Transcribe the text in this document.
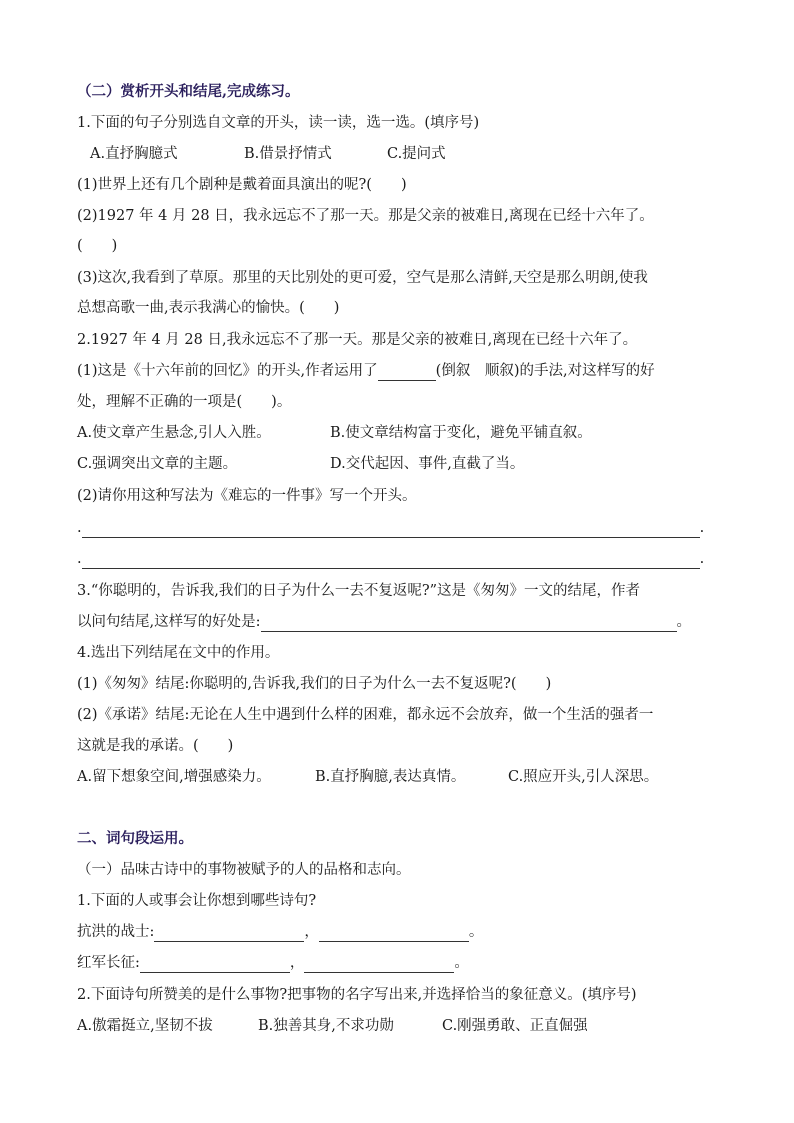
（二）赏析开头和结尾,完成练习。
1.下面的句子分别选自文章的开头，读一读，选一选。(填序号)
A.直抒胸臆式	B.借景抒情式	C.提问式
(1)世界上还有几个剧种是戴着面具演出的呢?(　　)
(2)1927 年 4 月 28 日，我永远忘不了那一天。那是父亲的被难日,离现在已经十六年了。
(　　)
(3)这次,我看到了草原。那里的天比别处的更可爱，空气是那么清鲜,天空是那么明朗,使我
总想高歌一曲,表示我满心的愉快。(　　)
2.1927 年 4 月 28 日,我永远忘不了那一天。那是父亲的被难日,离现在已经十六年了。
(1)这是《十六年前的回忆》的开头,作者运用了	(倒叙　顺叙)的手法,对这样写的好
处，理解不正确的一项是(　　)。
A.使文章产生悬念,引人入胜。	B.使文章结构富于变化，避免平铺直叙。
C.强调突出文章的主题。	D.交代起因、事件,直截了当。
(2)请你用这种写法为《难忘的一件事》写一个开头。
.	.
.	.
3.“你聪明的，告诉我,我们的日子为什么一去不复返呢?”这是《匆匆》一文的结尾，作者
以问句结尾,这样写的好处是:	。
4.选出下列结尾在文中的作用。
(1)《匆匆》结尾:你聪明的,告诉我,我们的日子为什么一去不复返呢?(　　)
(2)《承诺》结尾:无论在人生中遇到什么样的困难，都永远不会放弃，做一个生活的强者一
这就是我的承诺。(　　)
A.留下想象空间,增强感染力。	B.直抒胸臆,表达真情。	C.照应开头,引人深思。
二、词句段运用。
（一）品味古诗中的事物被赋予的人的品格和志向。
1.下面的人或事会让你想到哪些诗句?
抗洪的战士:	，	。
红军长征:	，	。
2.下面诗句所赞美的是什么事物?把事物的名字写出来,并选择恰当的象征意义。(填序号)
A.傲霜挺立,坚韧不拔	B.独善其身,不求功勋	C.刚强勇敢、正直倔强
